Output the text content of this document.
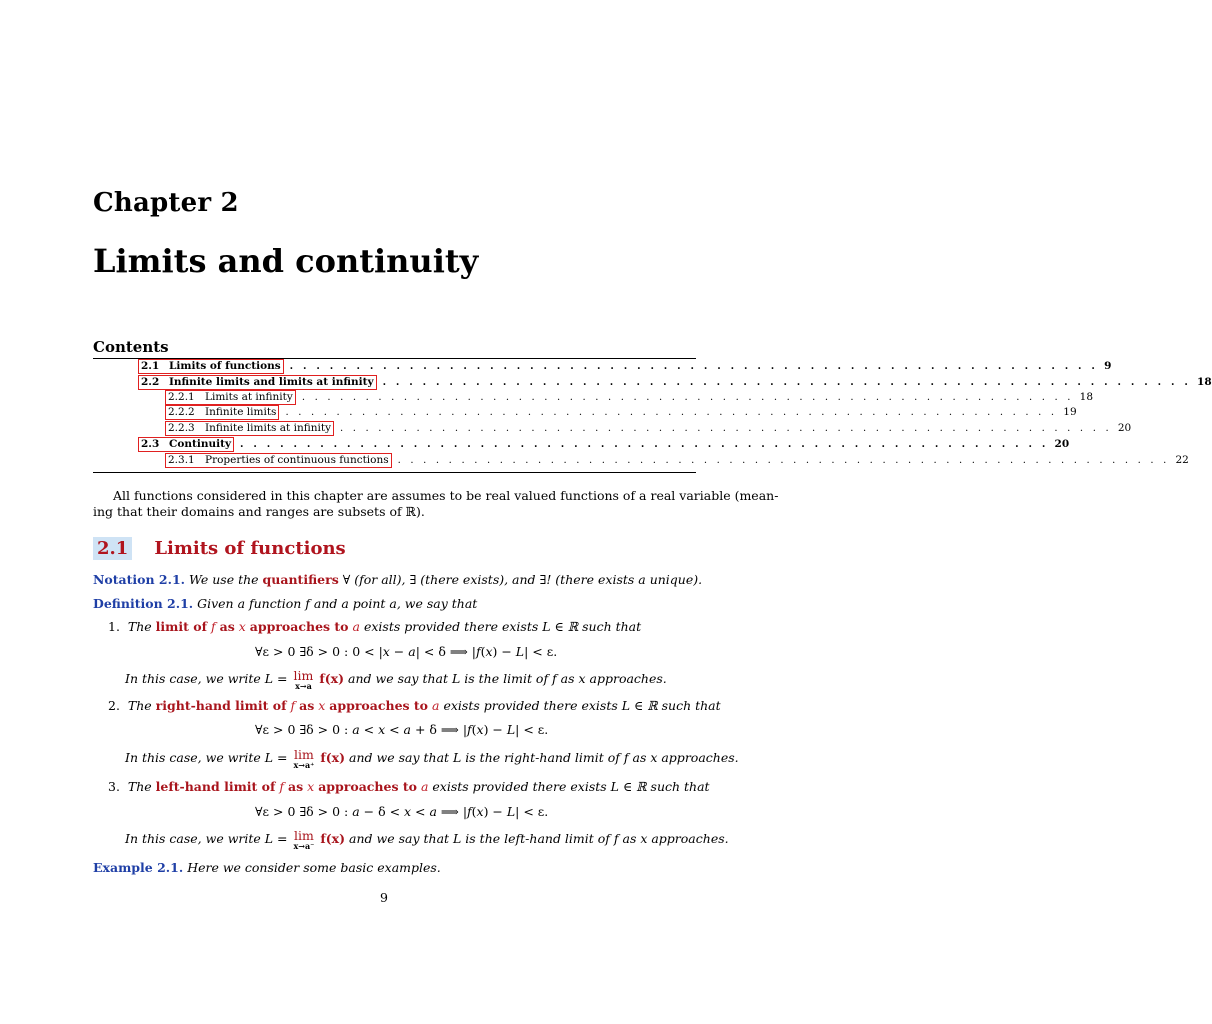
Chapter 2
Limits and continuity
Contents
2.1 Limits of functions . . . . . . . . . . . . . . . . . . . . . . . . . . . . . . . . . . . . . . . . . . . . . . . . . . . . . . . . . . . . . 9
2.2 Infinite limits and limits at infinity . . . . . . . . . . . . . . . . . . . . . . . . . . . . . . . . . . . . . . . . . . . . . . . . . . . . . . . . . . . . . 18
2.2.1 Limits at infinity . . . . . . . . . . . . . . . . . . . . . . . . . . . . . . . . . . . . . . . . . . . . . . . . . . . . . . . . . . . . . 18
2.2.2 Infinite limits . . . . . . . . . . . . . . . . . . . . . . . . . . . . . . . . . . . . . . . . . . . . . . . . . . . . . . . . . . . . . 19
2.2.3 Infinite limits at infinity . . . . . . . . . . . . . . . . . . . . . . . . . . . . . . . . . . . . . . . . . . . . . . . . . . . . . . . . . . . . . 20
2.3 Continuity . . . . . . . . . . . . . . . . . . . . . . . . . . . . . . . . . . . . . . . . . . . . . . . . . . . . . . . . . . . . . 20
2.3.1 Properties of continuous functions . . . . . . . . . . . . . . . . . . . . . . . . . . . . . . . . . . . . . . . . . . . . . . . . . . . . . . . . . . . . . 22
All functions considered in this chapter are assumes to be real valued functions of a real variable (mean-
ing that their domains and ranges are subsets of ℝ).
2.1 Limits of functions
Notation 2.1. We use the quantifiers ∀ (for all), ∃ (there exists), and ∃! (there exists a unique).
Definition 2.1. Given a function 𝑓 and a point 𝑎, we say that
1. The limit of 𝑓 as 𝑥 approaches to 𝑎 exists provided there exists 𝐿 ∈ ℝ such that
∀ε > 0 ∃δ > 0 : 0 < |𝑥 − 𝑎| < δ ⟹ |𝑓(𝑥) − 𝐿| < ε.
In this case, we write 𝐿 = lim
x→a f(x) and we say that 𝐿 is the limit of 𝑓 as 𝑥 approaches.
2. The right-hand limit of 𝑓 as 𝑥 approaches to 𝑎 exists provided there exists 𝐿 ∈ ℝ such that
∀ε > 0 ∃δ > 0 : 𝑎 < 𝑥 < 𝑎 + δ ⟹ |𝑓(𝑥) − 𝐿| < ε.
In this case, we write 𝐿 = lim
x→a⁺ f(x) and we say that 𝐿 is the right-hand limit of 𝑓 as 𝑥 approaches.
3. The left-hand limit of 𝑓 as 𝑥 approaches to 𝑎 exists provided there exists 𝐿 ∈ ℝ such that
∀ε > 0 ∃δ > 0 : 𝑎 − δ < 𝑥 < 𝑎 ⟹ |𝑓(𝑥) − 𝐿| < ε.
In this case, we write 𝐿 = lim
x→a⁻ f(x) and we say that 𝐿 is the left-hand limit of 𝑓 as 𝑥 approaches.
Example 2.1. Here we consider some basic examples.
9
